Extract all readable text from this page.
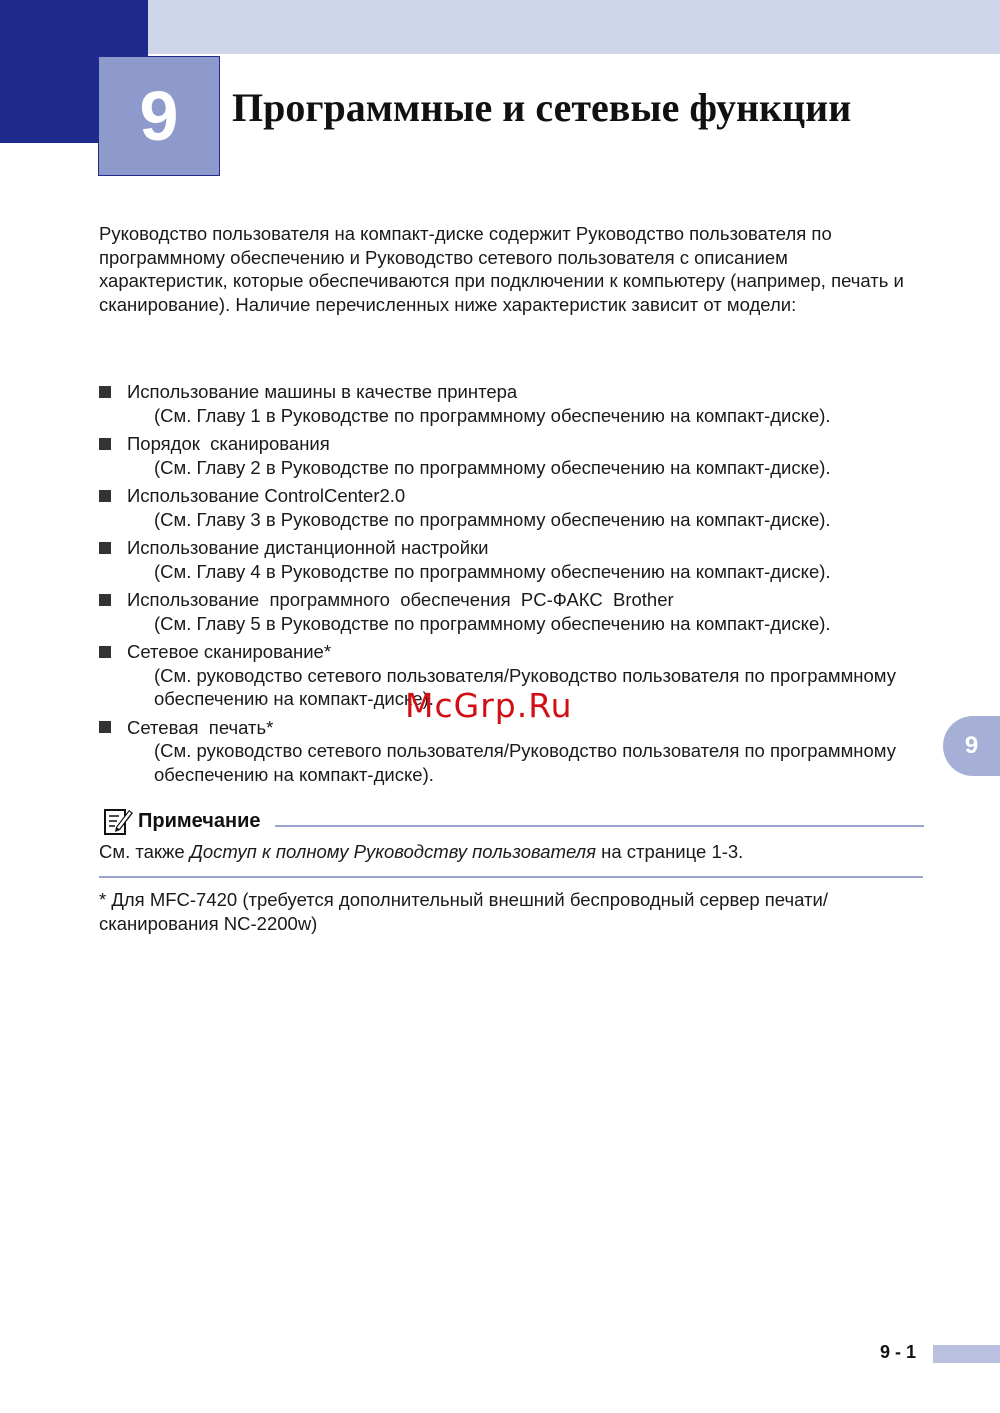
9	Программные и сетевые функции

Руководство пользователя на компакт-диске содержит Руководство пользователя по программному обеспечению и Руководство сетевого пользователя с описанием характеристик, которые обеспечиваются при подключении к компьютеру (например, печать и сканирование). Наличие перечисленных ниже характеристик зависит от модели:

Использование машины в качестве принтера
(См. Главу 1 в Руководстве по программному обеспечению на компакт-диске).
Порядок  сканирования
(См. Главу 2 в Руководстве по программному обеспечению на компакт-диске).
Использование ControlCenter2.0
(См. Главу 3 в Руководстве по программному обеспечению на компакт-диске).
Использование дистанционной настройки
(См. Главу 4 в Руководстве по программному обеспечению на компакт-диске).
Использование  программного  обеспечения  PC-ФАКС  Brother
(См. Главу 5 в Руководстве по программному обеспечению на компакт-диске).
Сетевое сканирование*
(См. руководство сетевого пользователя/Руководство пользователя по программному обеспечению на компакт-диске).
Сетевая  печать*
(См. руководство сетевого пользователя/Руководство пользователя по программному обеспечению на компакт-диске).
McGrp.Ru
9
Примечание

См. также Доступ к полному Руководству пользователя на странице 1-3.

* Для MFC-7420 (требуется дополнительный внешний беспроводный сервер печати/сканирования NC-2200w)

9 - 1
